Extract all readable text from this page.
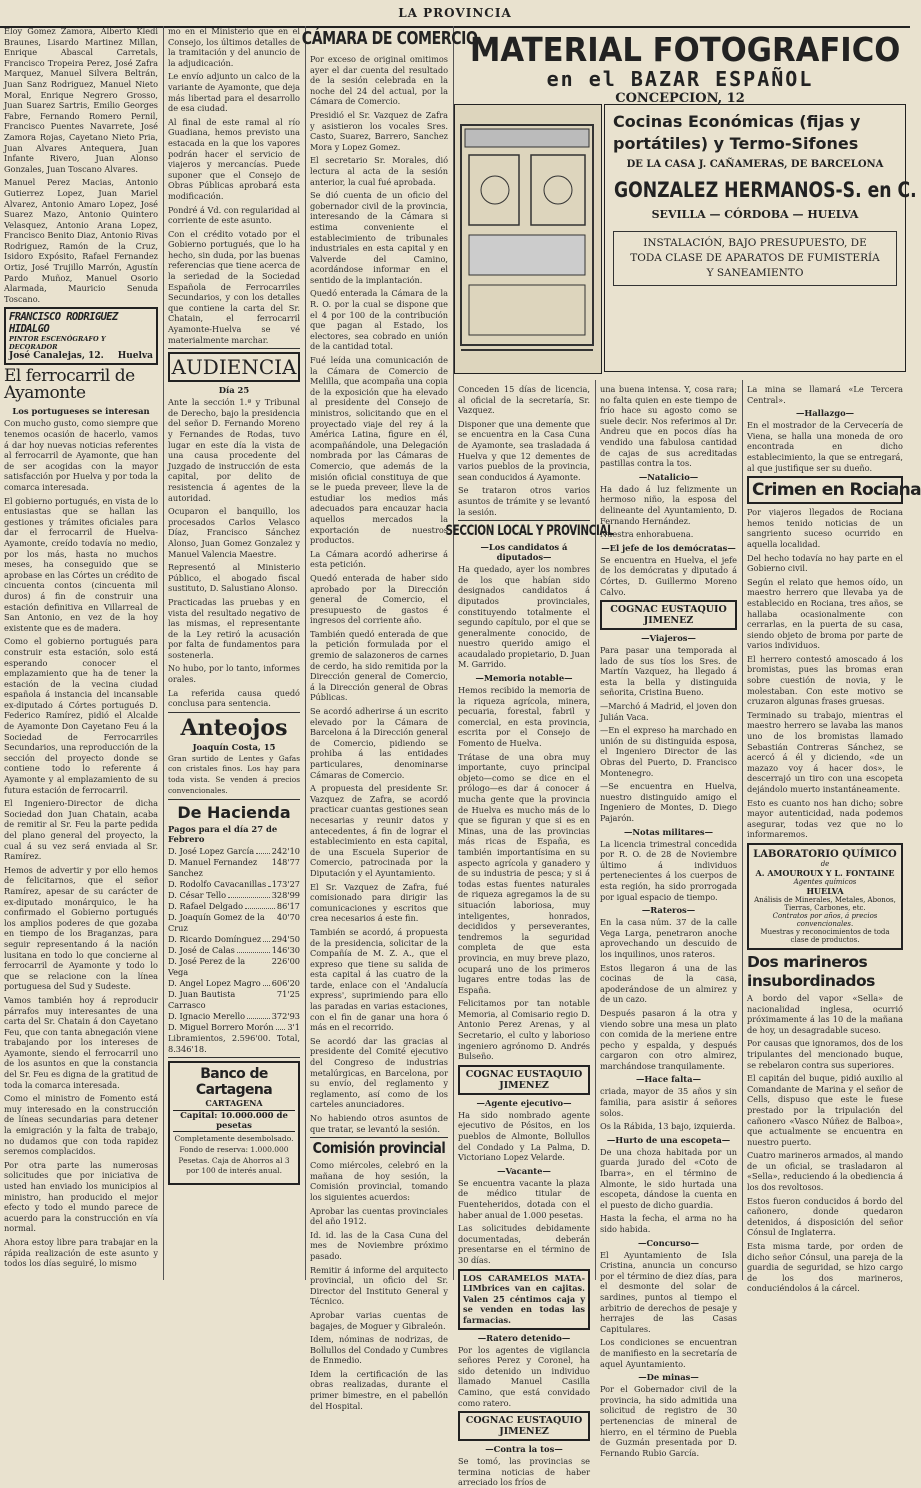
LA PROVINCIA

Eloy Gomez Zamora, Alberto Kledi Braunes, Lisardo Martinez Millan, Enrique Abascal Carretals, Francisco Tropeira Perez, José Zafra Marquez, Manuel Silvera Beltrán, Juan Sanz Rodriguez, Manuel Nieto Moral, Enrique Negrero Grosso, Juan Suarez Sartris, Emilio Georges Fabre, Fernando Romero Pernil, Francisco Puentes Navarrete, José Zamora Rojas, Cayetano Nieto Pria, Juan Alvares Antequera, Juan Infante Rivero, Juan Alonso Gonzales, Juan Toscano Alvares.

Manuel Perez Macias, Antonio Gutierrez Lopez, Juan Mariel Alvarez, Antonio Amaro Lopez, José Suarez Mazo, Antonio Quintero Velasquez, Antonio Arana Lopez, Francisco Benito Diaz, Antonio Rivas Rodriguez, Ramón de la Cruz, Isidoro Expósito, Rafael Fernandez Ortiz, José Trujillo Marrón, Agustín Pardo Muñoz, Manuel Osorio Alarmada, Mauricio Senuda Toscano.

FRANCISCO RODRIGUEZ HIDALGO
PINTOR ESCENÓGRAFO Y DECORADOR
José Canalejas, 12. Huelva
El ferrocarril de Ayamonte
Los portugueses se interesan

Con mucho gusto, como siempre que tenemos ocasión de hacerlo, vamos á dar hoy nuevas noticias referentes al ferrocarril de Ayamonte, que han de ser acogidas con la mayor satisfacción por Huelva y por toda la comarca interesada.

El gobierno portugués, en vista de lo entusiastas que se hallan las gestiones y trámites oficiales para dar el ferrocarril de Huelva-Ayamonte, creído todavía no medio, por los más, hasta no muchos meses, ha conseguido que se aprobase en las Córtes un crédito de cincuenta contos (cincuenta mil duros) á fin de construir una estación definitiva en Villarreal de San Antonio, en vez de la hoy existente que es de madera.

Como el gobierno portugués para construir esta estación, solo está esperando conocer el emplazamiento que ha de tener la estación de la vecina ciudad española á instancia del incansable ex-diputado á Córtes portugués D. Federico Ramírez, pidió el Alcalde de Ayamonte Don Cayetano Feu á la Sociedad de Ferrocarriles Secundarios, una reproducción de la sección del proyecto donde se contiene todo lo referente á Ayamonte y al emplazamiento de su futura estación de ferrocarril.

El Ingeniero-Director de dicha Sociedad don Juan Chatain, acaba de remitir al Sr. Feu la parte pedida del plano general del proyecto, la cual á su vez será enviada al Sr. Ramírez.

Hemos de advertir y por ello hemos de felicitarnos, que el señor Ramírez, apesar de su carácter de ex-diputado monárquico, le ha confirmado el Gobierno portugués los amplios poderes de que gozaba en tiempo de los Braganzas, para seguir representando á la nación lusitana en todo lo que concierne al ferrocarril de Ayamonte y todo lo que se relacione con la línea portuguesa del Sud y Sudeste.

Vamos también hoy á reproducir párrafos muy interesantes de una carta del Sr. Chatain á don Cayetano Feu, que con tanta abnegación viene trabajando por los intereses de Ayamonte, siendo el ferrocarril uno de los asuntos en que la constancia del Sr. Feu es digna de la gratitud de toda la comarca interesada.

Como el ministro de Fomento está muy interesado en la construcción de líneas secundarias para detener la emigración y la falta de trabajo, no dudamos que con toda rapidez seremos complacidos.

Por otra parte las numerosas solicitudes que por iniciativa de usted han enviado los municipios al ministro, han producido el mejor efecto y todo el mundo parece de acuerdo para la construcción en vía normal.

Ahora estoy libre para trabajar en la rápida realización de este asunto y todos los días seguiré, lo mismo

mo en el Ministerio que en el Consejo, los últimos detalles de la tramitación y del anuncio de la adjudicación.

Le envío adjunto un calco de la variante de Ayamonte, que deja más libertad para el desarrollo de esa ciudad.

Al final de este ramal al río Guadiana, hemos previsto una estacada en la que los vapores podrán hacer el servicio de viajeros y mercancías. Puede suponer que el Consejo de Obras Públicas aprobará esta modificación.

Pondré á Vd. con regularidad al corriente de este asunto.

Con el crédito votado por el Gobierno portugués, que lo ha hecho, sin duda, por las buenas referencias que tiene acerca de la seriedad de la Sociedad Española de Ferrocarriles Secundarios, y con los detalles que contiene la carta del Sr. Chatain, el ferrocarril Ayamonte-Huelva se vé materialmente marchar.

AUDIENCIA
Día 25

Ante la sección 1.ª y Tribunal de Derecho, bajo la presidencia del señor D. Fernando Moreno y Fernandes de Rodas, tuvo lugar en este día la vista de una causa procedente del Juzgado de instrucción de esta capital, por delito de resistencia á agentes de la autoridad.

Ocuparon el banquillo, los procesados Carlos Velasco Díaz, Francisco Sánchez Alonso, Juan Gomez Gonzalez y Manuel Valencia Maestre.

Representó al Ministerio Público, el abogado fiscal sustituto, D. Salustiano Alonso.

Practicadas las pruebas y en vista del resultado negativo de las mismas, el representante de la Ley retiró la acusación por falta de fundamentos para sostenerla.

No hubo, por lo tanto, informes orales.

La referida causa quedó conclusa para sentencia.

Anteojos
Joaquín Costa, 15

Gran surtido de Lentes y Gafas con cristales finos. Los hay para toda vista. Se venden á precios convencionales.

De Hacienda
Pagos para el día 27 de Febrero
D. José Lopez García 242'10
D. Manuel Fernandez Sanchez
148'77
D. Rodolfo Cavacanillas 173'27
D. César Tello	328'99
D. Rafael Delgado	86'17
D. Joaquín Gomez de la Cruz
40'70
D. Ricardo Domínguez 294'50
D. José de Calas	146'30
D. José Perez de la Vega
226'00
D. Angel Lopez Magro 606'20
D. Juan Bautista Carrasco
71'25
D. Ignacio Merello	372'93
D. Miguel Borrero Morón 3'1

Libramientos, 2.596'00. Total, 8.346'18.

Banco de Cartagena
CARTAGENA
Capital: 10.000.000 de pesetas
Completamente desembolsado. Fondo de reserva: 1.000.000 Pesetas. Caja de Ahorros al 3 por 100 de interés anual.
CÁMARA DE COMERCIO

Por exceso de original omitimos ayer el dar cuenta del resultado de la sesión celebrada en la noche del 24 del actual, por la Cámara de Comercio.

Presidió el Sr. Vazquez de Zafra y asistieron los vocales Sres. Casto, Suarez, Barrero, Sanchez Mora y Lopez Gomez.

El secretario Sr. Morales, dió lectura al acta de la sesión anterior, la cual fué aprobada.

Se dió cuenta de un oficio del gobernador civil de la provincia, interesando de la Cámara si estima conveniente el establecimiento de tribunales industriales en esta capital y en Valverde del Camino, acordándose informar en el sentido de la implantación.

Quedó enterada la Cámara de la R. O. por la cual se dispone que el 4 por 100 de la contribución que pagan al Estado, los electores, sea cobrado en unión de la cantidad total.

Fué leída una comunicación de la Cámara de Comercio de Melilla, que acompaña una copia de la exposición que ha elevado al presidente del Consejo de ministros, solicitando que en el proyectado viaje del rey á la América Latina, figure en él, acompañándole, una Delegación nombrada por las Cámaras de Comercio, que además de la misión oficial constituya de que se le pueda preveer, lleve la de estudiar los medios más adecuados para encauzar hacia aquellos mercados la exportación de nuestros productos.

La Cámara acordó adherirse á esta petición.

Quedó enterada de haber sido aprobado por la Dirección general de Comercio, el presupuesto de gastos é ingresos del corriente año.

También quedó enterada de que la petición formulada por el gremio de salazoneros de carnes de cerdo, ha sido remitida por la Dirección general de Comercio, á la Dirección general de Obras Públicas.

Se acordó adherirse á un escrito elevado por la Cámara de Barcelona á la Dirección general de Comercio, pidiendo se prohiba á las entidades particulares, denominarse Cámaras de Comercio.

A propuesta del presidente Sr. Vazquez de Zafra, se acordó practicar cuantas gestiones sean necesarias y reunir datos y antecedentes, á fin de lograr el establecimiento en esta capital, de una Escuela Superior de Comercio, patrocinada por la Diputación y el Ayuntamiento.

El Sr. Vazquez de Zafra, fué comisionado para dirigir las comunicaciones y escritos que crea necesarios á este fin.

También se acordó, á propuesta de la presidencia, solicitar de la Compañía de M. Z. A., que el expreso que tiene su salida de esta capital á las cuatro de la tarde, enlace con el 'Andalucía express', suprimiendo para ello las paradas en varias estaciones, con el fin de ganar una hora ó más en el recorrido.

Se acordó dar las gracias al presidente del Comité ejecutivo del Congreso de industrias metalúrgicas, en Barcelona, por su envío, del reglamento y reglamento, así como de los carteles anunciadores.

No habiendo otros asuntos de que tratar, se levantó la sesión.

Comisión provincial

Como miércoles, celebró en la mañana de hoy sesión, la Comisión provincial, tomando los siguientes acuerdos:

Aprobar las cuentas provinciales del año 1912.

Id. id. las de la Casa Cuna del mes de Noviembre próximo pasado.

Remitir á informe del arquitecto provincial, un oficio del Sr. Director del Instituto General y Técnico.

Aprobar varias cuentas de bagajes, de Moguer y Gibraleón.

Idem, nóminas de nodrizas, de Bollullos del Condado y Cumbres de Enmedio.

Idem la certificación de las obras realizadas, durante el primer bimestre, en el pabellón del Hospital.

MATERIAL FOTOGRAFICO
en el BAZAR ESPAÑOL
CONCEPCION, 12
Cocinas Económicas (fijas y portátiles) y Termo-Sifones
DE LA CASA J. CAÑAMERAS, DE BARCELONA
GONZALEZ HERMANOS-S. en C.
SEVILLA — CÓRDOBA — HUELVA
INSTALACIÓN, BAJO PRESUPUESTO, DE TODA CLASE DE APARATOS DE FUMISTERÍA Y SANEAMIENTO

Conceden 15 días de licencia, al oficial de la secretaría, Sr. Vazquez.

Disponer que una demente que se encuentra en la Casa Cuna de Ayamonte, sea trasladada á Huelva y que 12 dementes de varios pueblos de la provincia, sean conducidos á Ayamonte.

Se trataron otros varios asuntos de trámite y se levantó la sesión.

SECCION LOCAL Y PROVINCIAL
—Los candidatos á diputados—

Ha quedado, ayer los nombres de los que habían sido designados candidatos á diputados provinciales, constituyendo totalmente el segundo capítulo, por el que se generalmente conocido, de nuestro querido amigo el acaudalado propietario, D. Juan M. Garrido.

—Memoria notable—

Hemos recibido la memoria de la riqueza agrícola, minera, pecuaria, forestal, fabril y comercial, en esta provincia, escrita por el Consejo de Fomento de Huelva.

Trátase de una obra muy importante, cuyo principal objeto—como se dice en el prólogo—es dar á conocer á mucha gente que la provincia de Huelva es mucho más de lo que se figuran y que si es en Minas, una de las provincias más ricas de España, es también importantísima en su aspecto agrícola y ganadero y de su industria de pesca; y si á todas estas fuentes naturales de riqueza agregamos la de su situación laboriosa, muy inteligentes, honrados, decididos y perseverantes, tendremos la seguridad completa de que esta provincia, en muy breve plazo, ocupará uno de los primeros lugares entre todas las de España.

Felicitamos por tan notable Memoria, al Comisario regio D. Antonio Perez Arenas, y al Secretario, el culto y laborioso ingeniero agrónomo D. Andrés Bulseño.

COGNAC EUSTAQUIO JIMENEZ
—Agente ejecutivo—

Ha sido nombrado agente ejecutivo de Pósitos, en los pueblos de Almonte, Bollullos del Condado y La Palma, D. Victoriano Lopez Velarde.

—Vacante—

Se encuentra vacante la plaza de médico titular de Fuenteheridos, dotada con el haber anual de 1.000 pesetas.

Las solicitudes debidamente documentadas, deberán presentarse en el término de 30 días.

LOS CARAMELOS MATA-LIMbrices van en cajitas. Valen 25 céntimos caja y se venden en todas las farmacias.
—Ratero detenido—

Por los agentes de vigilancia señores Perez y Coronel, ha sido detenido un individuo llamado Manuel Casilla Camino, que está convidado como ratero.

COGNAC EUSTAQUIO JIMENEZ
—Contra la tos—

Se tomó, las provincias se termina noticias de haber arreciado los fríos de

una buena intensa. Y, cosa rara; no falta quien en este tiempo de frío hace su agosto como se suele decir. Nos referimos al Dr. Andreu que en pocos días ha vendido una fabulosa cantidad de cajas de sus acreditadas pastillas contra la tos.

—Natalicio—

Ha dado á luz felizmente un hermoso niño, la esposa del delineante del Ayuntamiento, D. Fernando Hernández.

Nuestra enhorabuena.

—El jefe de los demócratas—

Se encuentra en Huelva, el jefe de los demócratas y diputado á Córtes, D. Guillermo Moreno Calvo.

COGNAC EUSTAQUIO JIMENEZ
—Viajeros—

Para pasar una temporada al lado de sus tíos los Sres. de Martín Vazquez, ha llegado á esta la bella y distinguida señorita, Cristina Bueno.

—Marchó á Madrid, el joven don Julián Vaca.

—En el expreso ha marchado en unión de su distinguida esposa, el Ingeniero Director de las Obras del Puerto, D. Francisco Montenegro.

—Se encuentra en Huelva, nuestro distinguido amigo el Ingeniero de Montes, D. Diego Pajarón.

—Notas militares—

La licencia trimestral concedida por R. O. de 28 de Noviembre último á individuos pertenecientes á los cuerpos de esta región, ha sido prorrogada por igual espacio de tiempo.

—Rateros—

En la casa núm. 37 de la calle Vega Larga, penetraron anoche aprovechando un descuido de los inquilinos, unos rateros.

Estos llegaron á una de las cocinas de la casa, apoderándose de un almirez y de un cazo.

Después pasaron á la otra y viendo sobre una mesa un plato con comida de la meriene entre pecho y espalda, y después cargaron con otro almirez, marchándose tranquilamente.

—Hace falta—

criada, mayor de 35 años y sin familia, para asistir á señores solos.

Os la Rábida, 13 bajo, izquierda.

—Hurto de una escopeta—

De una choza habitada por un guarda jurado del «Coto de Ibarra», en el término de Almonte, le sido hurtada una escopeta, dándose la cuenta en el puesto de dicho guardia.

Hasta la fecha, el arma no ha sido habida.

—Concurso—

El Ayuntamiento de Isla Cristina, anuncia un concurso por el término de diez días, para el desmonte del solar de sardines, puntos al tiempo el arbitrio de derechos de pesaje y herrajes de las Casas Capitulares.

Los condiciones se encuentran de manifiesto en la secretaría de aquel Ayuntamiento.

—De minas—

Por el Gobernador civil de la provincia, ha sido admitida una solicitud de registro de 30 pertenencias de mineral de hierro, en el término de Puebla de Guzmán presentada por D. Fernando Rubio García.

La mina se llamará «Le Tercera Central».

—Hallazgo—

En el mostrador de la Cervecería de Viena, se halla una moneda de oro encontrada en dicho establecimiento, la que se entregará, al que justifique ser su dueño.

Crimen en Rociana

Por viajeros llegados de Rociana hemos tenido noticias de un sangriento suceso ocurrido en aquella localidad.

Del hecho todavía no hay parte en el Gobierno civil.

Según el relato que hemos oído, un maestro herrero que llevaba ya de establecido en Rociana, tres años, se hallaba ocasionalmente con cerrarlas, en la puerta de su casa, siendo objeto de broma por parte de varios individuos.

El herrero contestó amoscado á los bromistas, pues las bromas eran sobre cuestión de novia, y le molestaban. Con este motivo se cruzaron algunas frases gruesas.

Terminado su trabajo, mientras el maestro herrero se lavaba las manos uno de los bromistas llamado Sebastián Contreras Sánchez, se acercó á él y diciendo, «de un mazazo voy á hacer dos», le descerrajó un tiro con una escopeta dejándolo muerto instantáneamente.

Esto es cuanto nos han dicho; sobre mayor autenticidad, nada podemos asegurar, todas vez que no lo informaremos.

LABORATORIO QUÍMICO
de
A. AMOUROUX Y L. FONTAINE
Agentes químicos
HUELVA
Análisis de Minerales, Metales, Abonos, Tierras, Carbones, etc.
Contratos por años, á precios convencionales.
Muestras y reconocimientos de toda clase de productos.
Dos marineros insubordinados

A bordo del vapor «Sella» de nacionalidad inglesa, ocurrió próximamente á las 10 de la mañana de hoy, un desagradable suceso.

Por causas que ignoramos, dos de los tripulantes del mencionado buque, se rebelaron contra sus superiores.

El capitán del buque, pidió auxilio al Comandante de Marina y el señor de Cells, dispuso que este le fuese prestado por la tripulación del cañonero «Vasco Núñez de Balboa», que actualmente se encuentra en nuestro puerto.

Cuatro marineros armados, al mando de un oficial, se trasladaron al «Sella», reduciendo á la obediencia á los dos revoltosos.

Estos fueron conducidos á bordo del cañonero, donde quedaron detenidos, á disposición del señor Cónsul de Inglaterra.

Esta misma tarde, por orden de dicho señor Cónsul, una pareja de la guardia de seguridad, se hizo cargo de los dos marineros, conduciéndolos á la cárcel.
